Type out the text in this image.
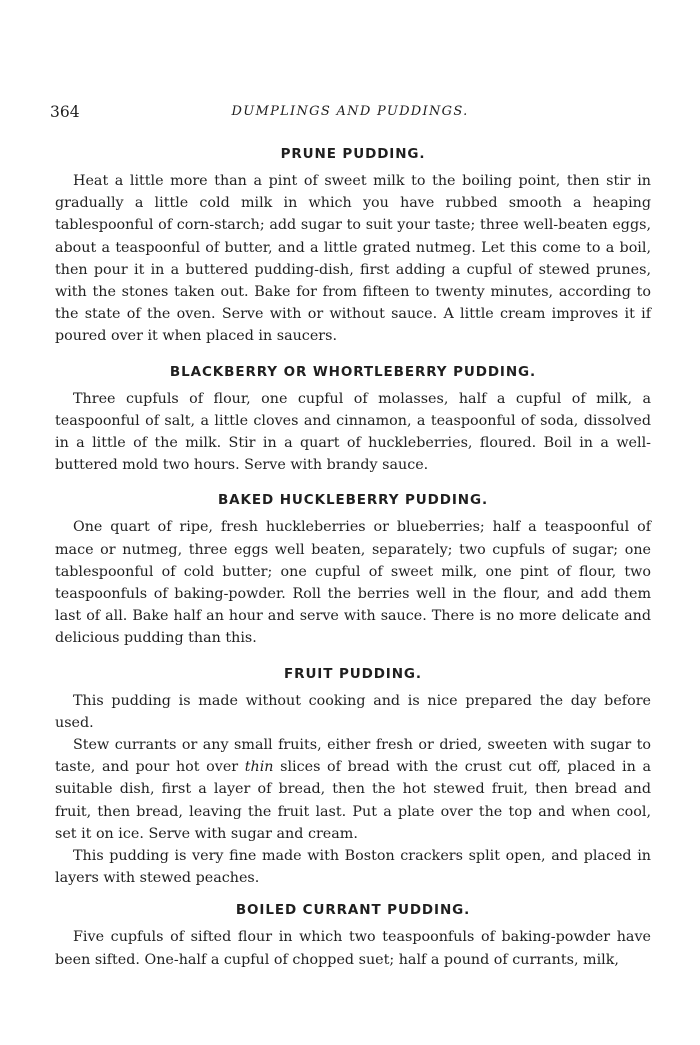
364	DUMPLINGS AND PUDDINGS.
PRUNE PUDDING.

Heat a little more than a pint of sweet milk to the boiling point, then stir in gradually a little cold milk in which you have rubbed smooth a heaping tablespoonful of corn-starch; add sugar to suit your taste; three well-beaten eggs, about a teaspoonful of butter, and a little grated nutmeg. Let this come to a boil, then pour it in a buttered pudding-dish, first adding a cupful of stewed prunes, with the stones taken out. Bake for from fifteen to twenty minutes, according to the state of the oven. Serve with or without sauce. A little cream improves it if poured over it when placed in saucers.

BLACKBERRY OR WHORTLEBERRY PUDDING.

Three cupfuls of flour, one cupful of molasses, half a cupful of milk, a teaspoonful of salt, a little cloves and cinnamon, a teaspoonful of soda, dissolved in a little of the milk. Stir in a quart of huckleberries, floured. Boil in a well-buttered mold two hours. Serve with brandy sauce.

BAKED HUCKLEBERRY PUDDING.

One quart of ripe, fresh huckleberries or blueberries; half a teaspoonful of mace or nutmeg, three eggs well beaten, separately; two cupfuls of sugar; one tablespoonful of cold butter; one cupful of sweet milk, one pint of flour, two teaspoonfuls of baking-powder. Roll the berries well in the flour, and add them last of all. Bake half an hour and serve with sauce. There is no more delicate and delicious pudding than this.

FRUIT PUDDING.

This pudding is made without cooking and is nice prepared the day before used.

Stew currants or any small fruits, either fresh or dried, sweeten with sugar to taste, and pour hot over thin slices of bread with the crust cut off, placed in a suitable dish, first a layer of bread, then the hot stewed fruit, then bread and fruit, then bread, leaving the fruit last. Put a plate over the top and when cool, set it on ice. Serve with sugar and cream.

This pudding is very fine made with Boston crackers split open, and placed in layers with stewed peaches.

BOILED CURRANT PUDDING.

Five cupfuls of sifted flour in which two teaspoonfuls of baking-powder have been sifted. One-half a cupful of chopped suet; half a pound of currants, milk,
